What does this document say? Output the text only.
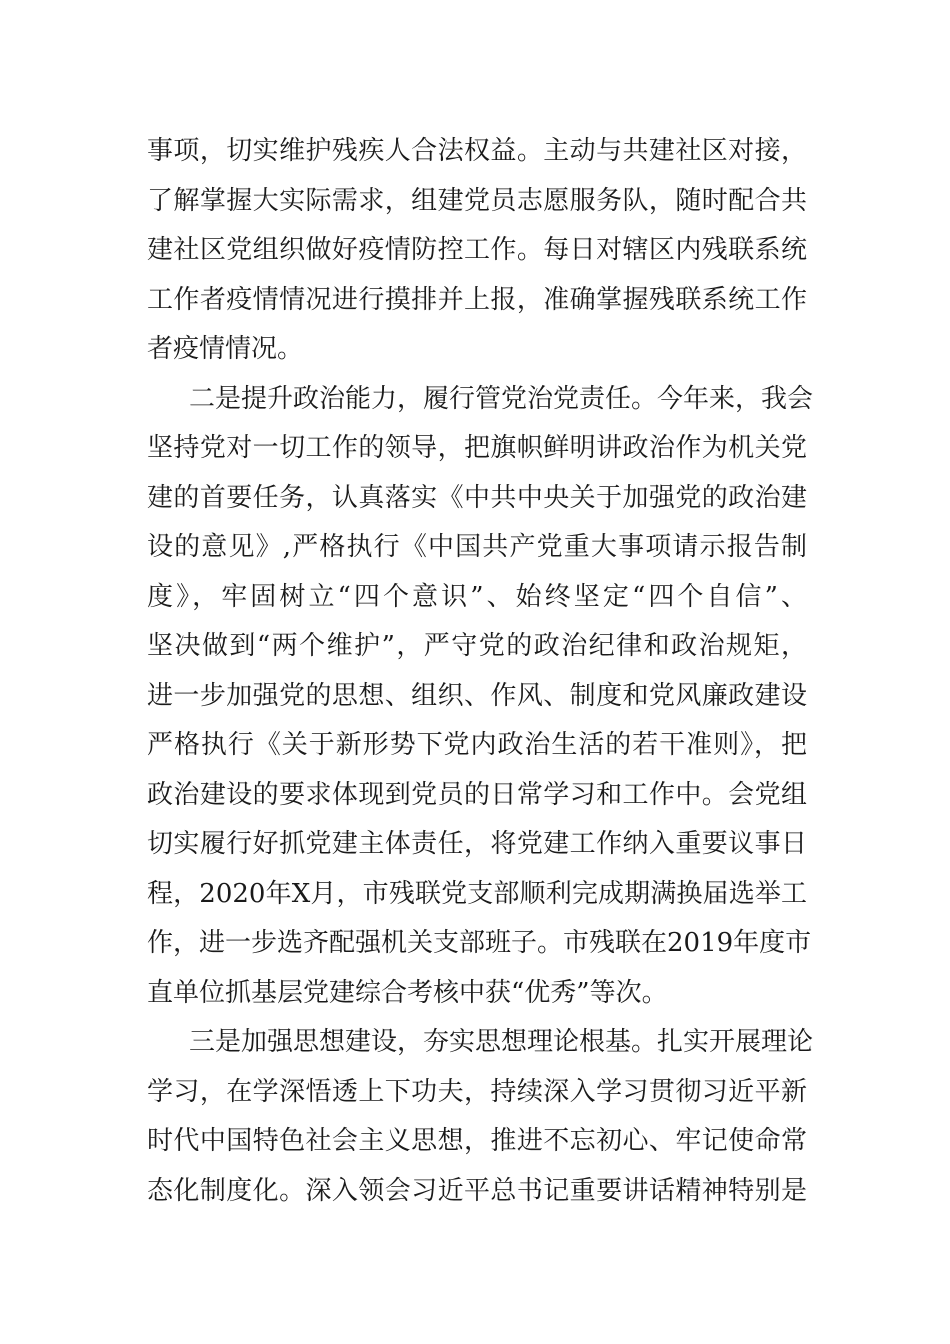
事项，切实维护残疾人合法权益。主动与共建社区对接，
了解掌握大实际需求，组建党员志愿服务队，随时配合共
建社区党组织做好疫情防控工作。每日对辖区内残联系统
工作者疫情情况进行摸排并上报，准确掌握残联系统工作
者疫情情况。
二是提升政治能力，履行管党治党责任。今年来，我会
坚持党对一切工作的领导，把旗帜鲜明讲政治作为机关党
建的首要任务，认真落实《中共中央关于加强党的政治建
设的意见》,严格执行《中国共产党重大事项请示报告制
度》，牢固树立“四个意识”、始终坚定“四个自信”、
坚决做到“两个维护”，严守党的政治纪律和政治规矩，
进一步加强党的思想、组织、作风、制度和党风廉政建设
严格执行《关于新形势下党内政治生活的若干准则》，把
政治建设的要求体现到党员的日常学习和工作中。会党组
切实履行好抓党建主体责任，将党建工作纳入重要议事日
程，2020年X月，市残联党支部顺利完成期满换届选举工
作，进一步选齐配强机关支部班子。市残联在2019年度市
直单位抓基层党建综合考核中获“优秀”等次。
三是加强思想建设，夯实思想理论根基。扎实开展理论
学习，在学深悟透上下功夫，持续深入学习贯彻习近平新
时代中国特色社会主义思想，推进不忘初心、牢记使命常
态化制度化。深入领会习近平总书记重要讲话精神特别是
